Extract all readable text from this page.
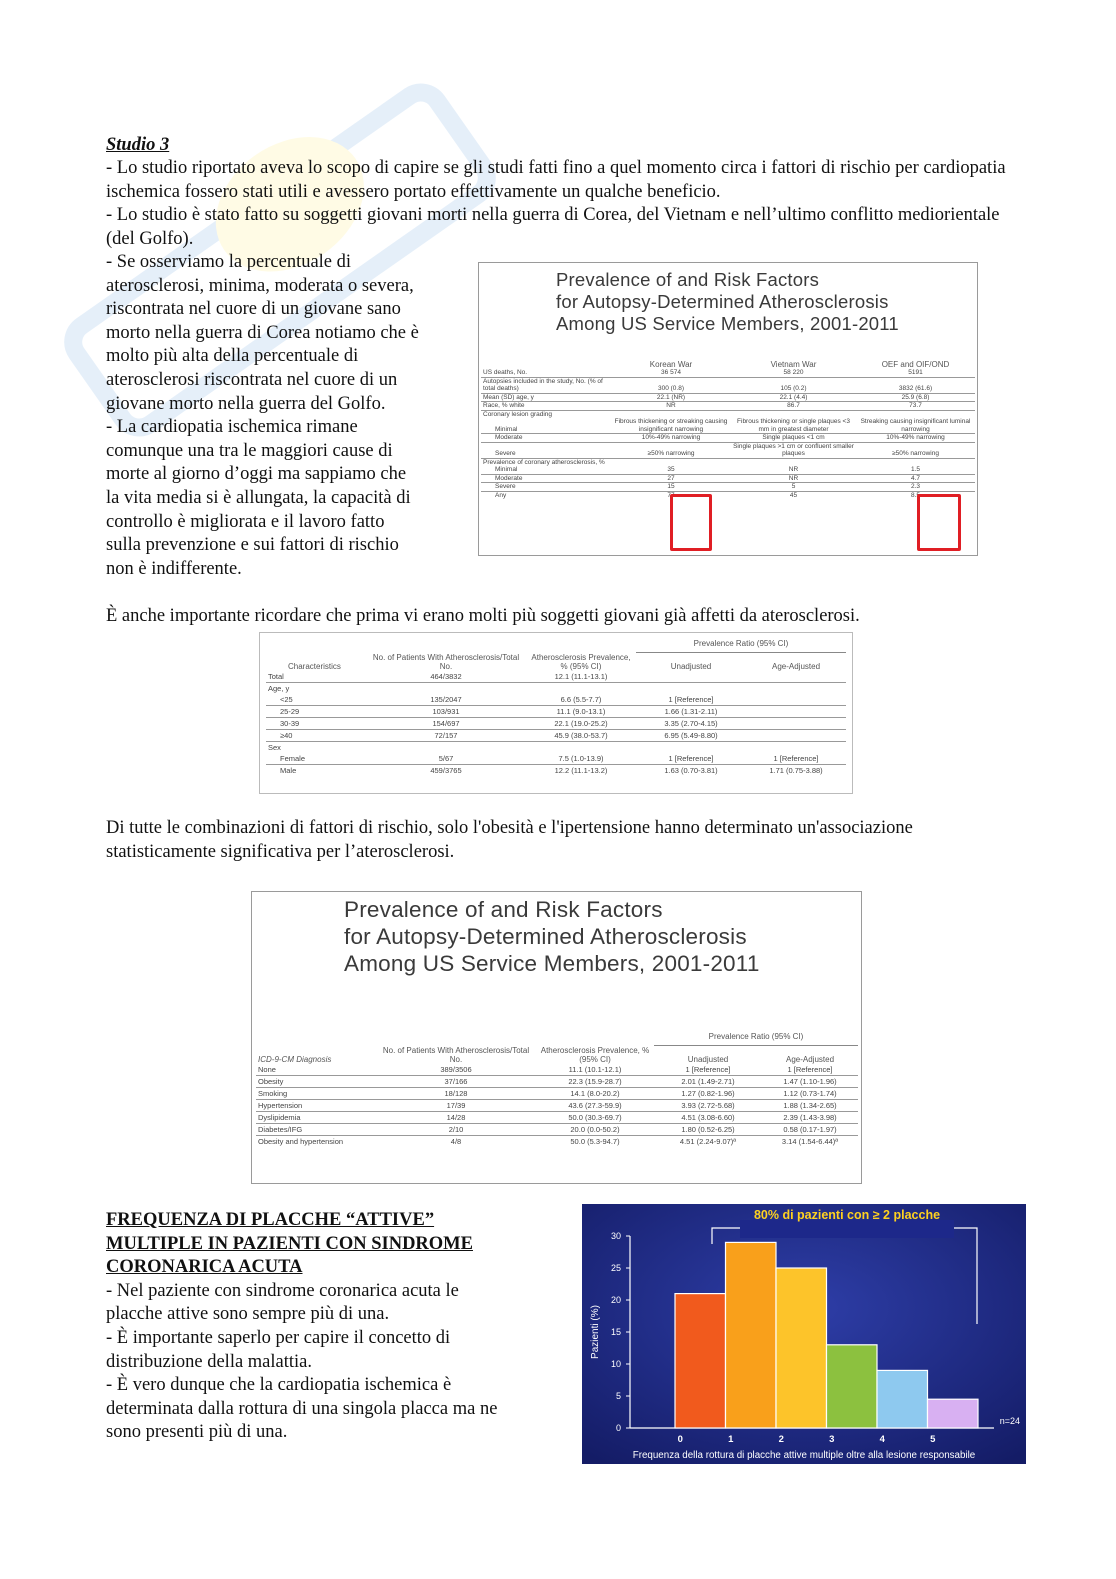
Studio 3
- Lo studio riportato aveva lo scopo di capire se gli studi fatti fino a quel momento circa i fattori di rischio per cardiopatia ischemica fossero stati utili e avessero portato effettivamente un qualche beneficio.
- Lo studio è stato fatto su soggetti giovani morti nella guerra di Corea, del Vietnam e nell’ultimo conflitto mediorientale (del Golfo).
- Se osserviamo la percentuale di
aterosclerosi, minima, moderata o severa,
riscontrata nel cuore di un giovane sano
morto nella guerra di Corea notiamo che è
molto più alta della percentuale di
aterosclerosi riscontrata nel cuore di un
giovane morto nella guerra del Golfo.
- La cardiopatia ischemica rimane
comunque una tra le maggiori cause di
morte al giorno d’oggi ma sappiamo che
la vita media si è allungata, la capacità di
controllo è migliorata e il lavoro fatto
sulla prevenzione e sui fattori di rischio
non è indifferente.
Prevalence of and Risk Factors
for Autopsy-Determined Atherosclerosis
Among US Service Members, 2001-2011
	Korean War	Vietnam War	OEF and OIF/OND
US deaths, No.	36 574	58 220	5191
Autopsies included in the study, No. (% of total deaths)	300 (0.8)	105 (0.2)	3832 (61.6)
Mean (SD) age, y	22.1 (NR)	22.1 (4.4)	25.9 (6.8)
Race, % white	NR	86.7	73.7
Coronary lesion grading			
Minimal	Fibrous thickening or streaking causing insignificant narrowing	Fibrous thickening or single plaques <3 mm in greatest diameter	Streaking causing insignificant luminal narrowing
Moderate	10%-49% narrowing	Single plaques <1 cm	10%-49% narrowing
Severe	≥50% narrowing	Single plaques >1 cm or confluent smaller plaques	≥50% narrowing
Prevalence of coronary atherosclerosis, %			
Minimal	35	NR	1.5
Moderate	27	NR	4.7
Severe	15	5	2.3
Any	77	45	8.5
È anche importante ricordare che prima vi erano molti più soggetti giovani già affetti da aterosclerosi.
			Prevalence Ratio (95% CI)	
Characteristics	No. of Patients With Atherosclerosis/Total No.	Atherosclerosis Prevalence, % (95% CI)	Unadjusted	Age-Adjusted
Total	464/3832	12.1 (11.1-13.1)		
Age, y				
<25	135/2047	6.6 (5.5-7.7)	1 [Reference]	
25-29	103/931	11.1 (9.0-13.1)	1.66 (1.31-2.11)	
30-39	154/697	22.1 (19.0-25.2)	3.35 (2.70-4.15)	
≥40	72/157	45.9 (38.0-53.7)	6.95 (5.49-8.80)	
Sex				
Female	5/67	7.5 (1.0-13.9)	1 [Reference]	1 [Reference]
Male	459/3765	12.2 (11.1-13.2)	1.63 (0.70-3.81)	1.71 (0.75-3.88)
Di tutte le combinazioni di fattori di rischio, solo l'obesità e l'ipertensione hanno determinato un'associazione statisticamente significativa per l’aterosclerosi.
Prevalence of and Risk Factors
for Autopsy-Determined Atherosclerosis
Among US Service Members, 2001-2011
			Prevalence Ratio (95% CI)	
ICD-9-CM Diagnosis	No. of Patients With Atherosclerosis/Total No.	Atherosclerosis Prevalence, % (95% CI)	Unadjusted	Age-Adjusted
None	389/3506	11.1 (10.1-12.1)	1 [Reference]	1 [Reference]
Obesity	37/166	22.3 (15.9-28.7)	2.01 (1.49-2.71)	1.47 (1.10-1.96)
Smoking	18/128	14.1 (8.0-20.2)	1.27 (0.82-1.96)	1.12 (0.73-1.74)
Hypertension	17/39	43.6 (27.3-59.9)	3.93 (2.72-5.68)	1.88 (1.34-2.65)
Dyslipidemia	14/28	50.0 (30.3-69.7)	4.51 (3.08-6.60)	2.39 (1.43-3.98)
Diabetes/IFG	2/10	20.0 (0.0-50.2)	1.80 (0.52-6.25)	0.58 (0.17-1.97)
Obesity and hypertension	4/8	50.0 (5.3-94.7)	4.51 (2.24-9.07)ª	3.14 (1.54-6.44)ª
FREQUENZA DI PLACCHE “ATTIVE”
MULTIPLE IN PAZIENTI CON SINDROME
CORONARICA ACUTA
- Nel paziente con sindrome coronarica acuta le
placche attive sono sempre più di una.
- È importante saperlo per capire il concetto di
distribuzione della malattia.
- È vero dunque che la cardiopatia ischemica è
determinata dalla rottura di una singola placca ma ne
sono presenti più di una.
80% di pazienti con ≥ 2 placche
0
5
10
15
20
25
30
Pazienti (%)
0	1	2	3	4	5
n=24
Frequenza della rottura di placche attive multiple oltre alla lesione responsabile
